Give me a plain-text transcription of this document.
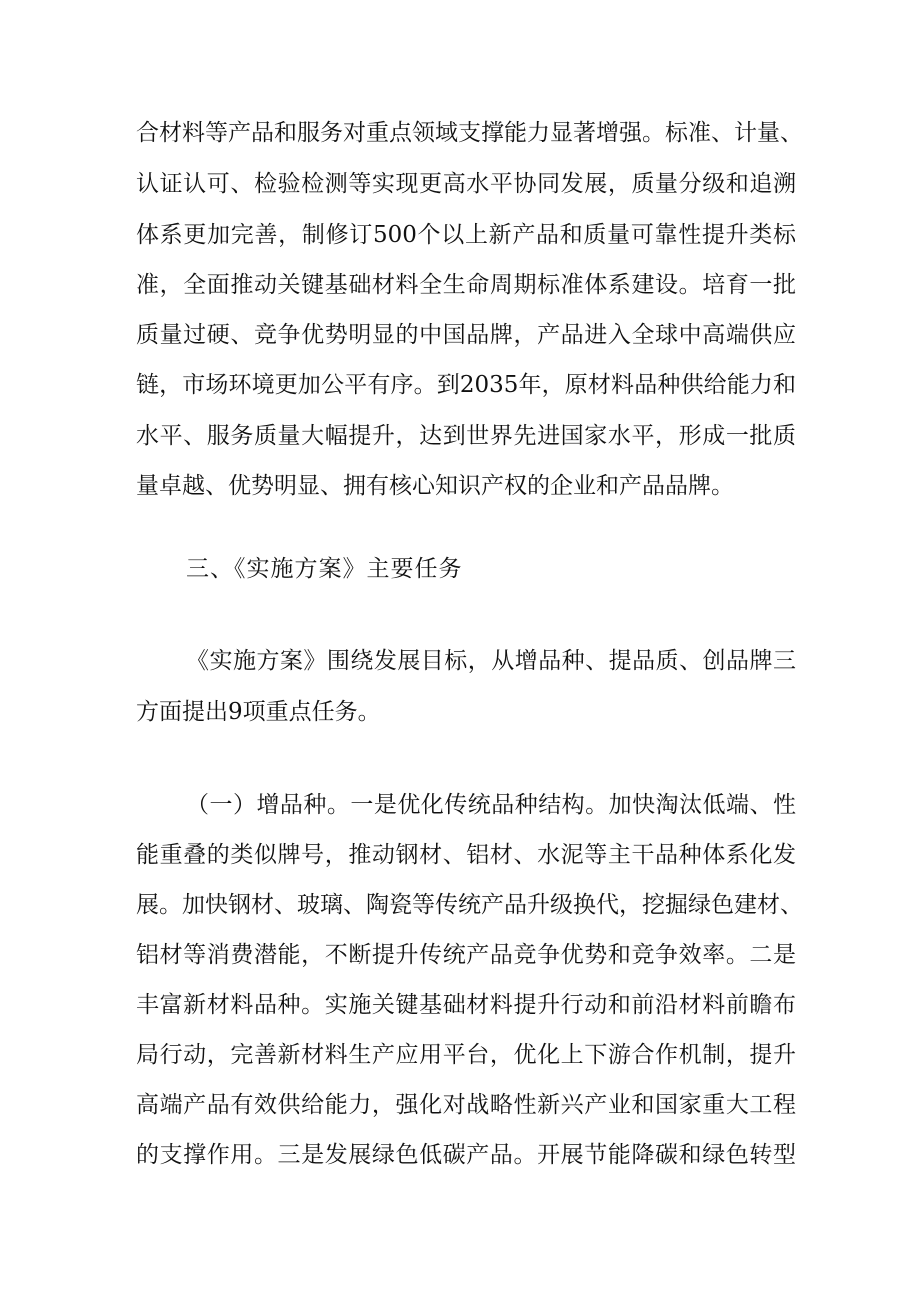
合材料等产品和服务对重点领域支撑能力显著增强。标准、计量、
认证认可、检验检测等实现更高水平协同发展，质量分级和追溯
体系更加完善，制修订500个以上新产品和质量可靠性提升类标
准，全面推动关键基础材料全生命周期标准体系建设。培育一批
质量过硬、竞争优势明显的中国品牌，产品进入全球中高端供应
链，市场环境更加公平有序。到2035年，原材料品种供给能力和
水平、服务质量大幅提升，达到世界先进国家水平，形成一批质
量卓越、优势明显、拥有核心知识产权的企业和产品品牌。
三、《实施方案》主要任务
《实施方案》围绕发展目标，从增品种、提品质、创品牌三
方面提出9项重点任务。
（一）增品种。一是优化传统品种结构。加快淘汰低端、性
能重叠的类似牌号，推动钢材、铝材、水泥等主干品种体系化发
展。加快钢材、玻璃、陶瓷等传统产品升级换代，挖掘绿色建材、
铝材等消费潜能，不断提升传统产品竞争优势和竞争效率。二是
丰富新材料品种。实施关键基础材料提升行动和前沿材料前瞻布
局行动，完善新材料生产应用平台，优化上下游合作机制，提升
高端产品有效供给能力，强化对战略性新兴产业和国家重大工程
的支撑作用。三是发展绿色低碳产品。开展节能降碳和绿色转型
